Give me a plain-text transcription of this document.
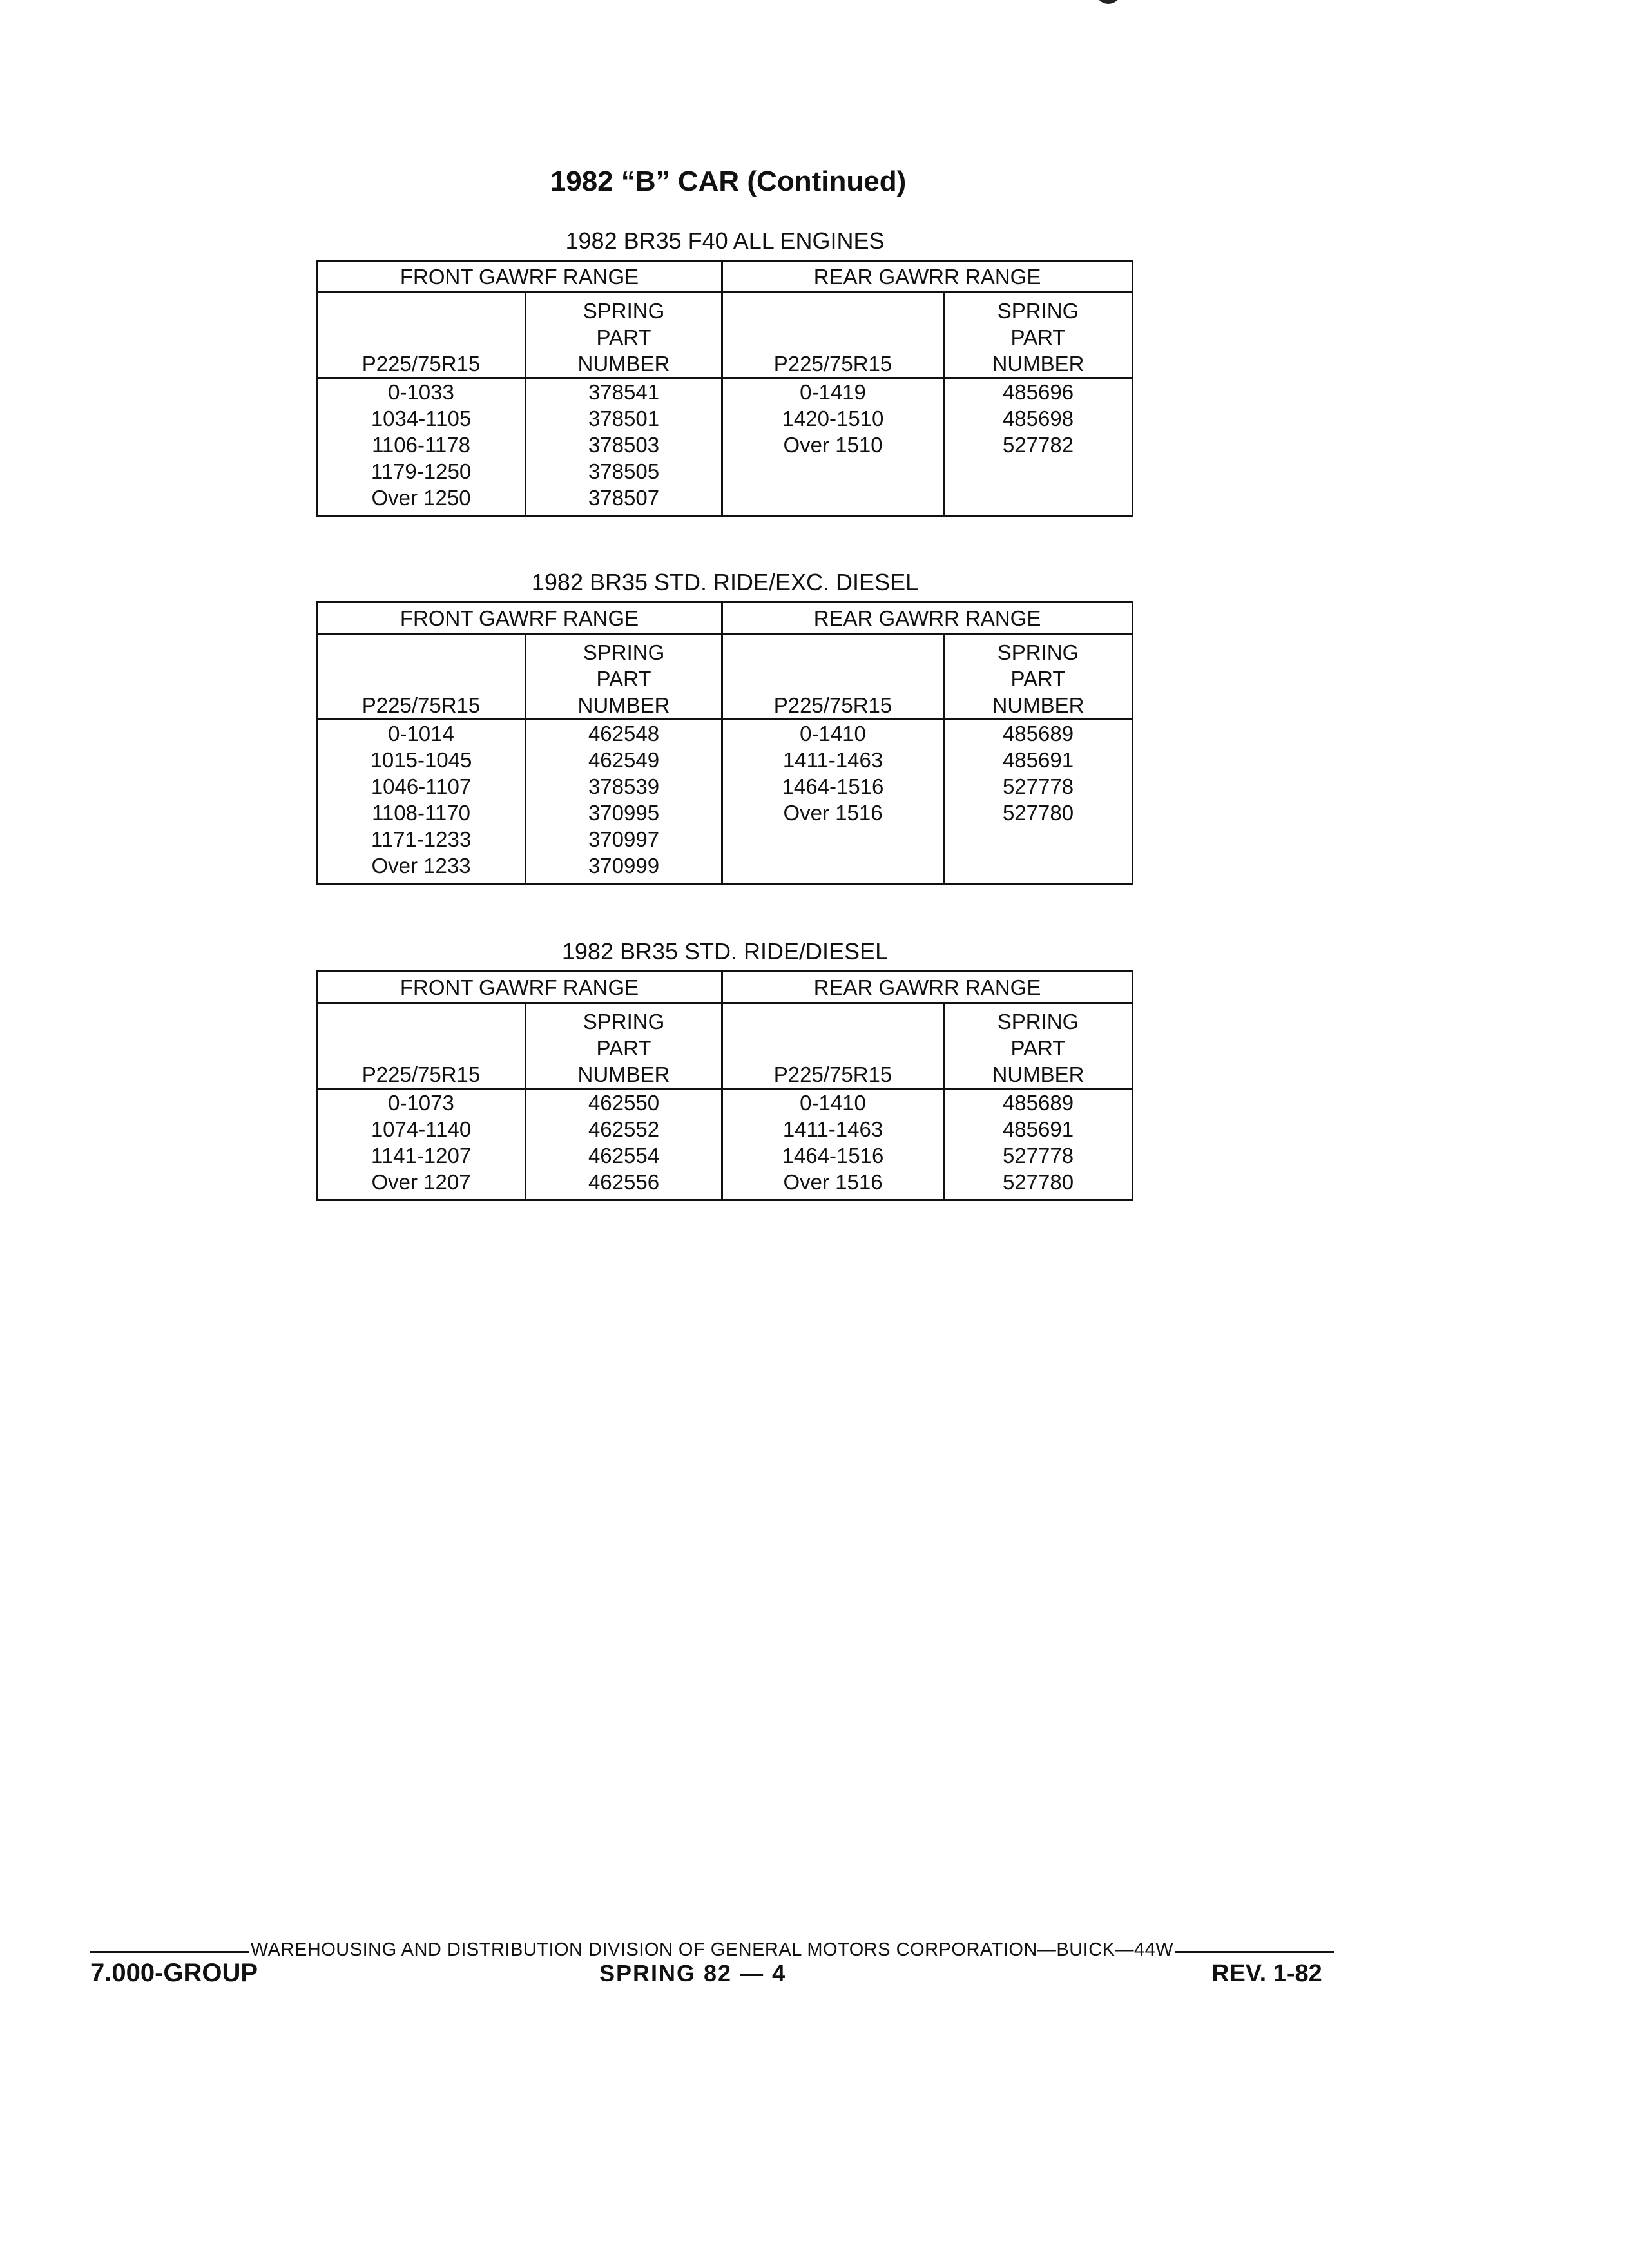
1982 “B” CAR (Continued)
1982 BR35 F40 ALL ENGINES
FRONT GAWRF RANGE		REAR GAWRR RANGE	
P225/75R15	SPRING
PART
NUMBER	P225/75R15	SPRING
PART
NUMBER

0-1033	378541	0-1419	485696
1034-1105	378501	1420-1510	485698
1106-1178	378503	Over 1510	527782
1179-1250	378505		
Over 1250	378507		
1982 BR35 STD. RIDE/EXC. DIESEL
FRONT GAWRF RANGE		REAR GAWRR RANGE	
P225/75R15	SPRING
PART
NUMBER	P225/75R15	SPRING
PART
NUMBER

0-1014	462548	0-1410	485689
1015-1045	462549	1411-1463	485691
1046-1107	378539	1464-1516	527778
1108-1170	370995	Over 1516	527780
1171-1233	370997		
Over 1233	370999		
1982 BR35 STD. RIDE/DIESEL
FRONT GAWRF RANGE		REAR GAWRR RANGE	
P225/75R15	SPRING
PART
NUMBER	P225/75R15	SPRING
PART
NUMBER

0-1073	462550	0-1410	485689
1074-1140	462552	1411-1463	485691
1141-1207	462554	1464-1516	527778
Over 1207	462556	Over 1516	527780
WAREHOUSING AND DISTRIBUTION DIVISION OF GENERAL MOTORS CORPORATION—BUICK—44W
7.000-GROUP	SPRING 82 — 4	REV. 1-82
